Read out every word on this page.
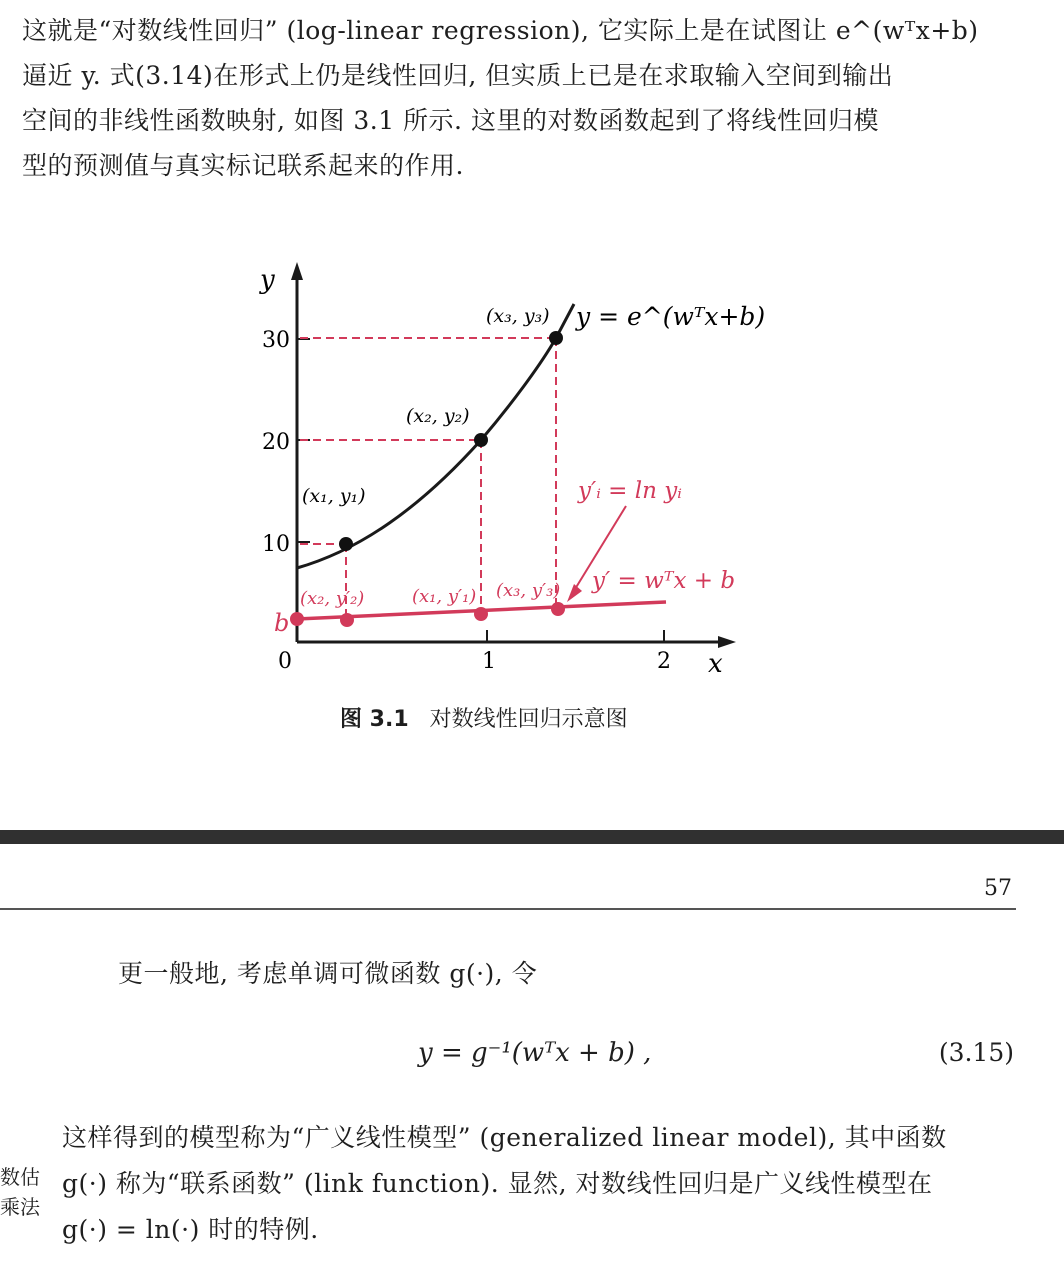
这就是“对数线性回归” (log-linear regression), 它实际上是在试图让 e^(wᵀx+b)
逼近 y. 式(3.14)在形式上仍是线性回归, 但实质上已是在求取输入空间到输出
空间的非线性函数映射, 如图 3.1 所示. 这里的对数函数起到了将线性回归模
型的预测值与真实标记联系起来的作用.
30
20
10
0	1	2 x
y
(x₃, y₃)
(x₂, y₂)
(x₁, y₁)
y = e^(wᵀx+b)
y′ᵢ = ln yᵢ
y′ = wᵀx + b
(x₂, y′₂)	(x₁, y′₁) (x₃, y′₃)
b
图 3.1 对数线性回归示意图
57
数估
乘法
更一般地, 考虑单调可微函数 g(·), 令
y = g⁻¹(wᵀx + b) ,	(3.15)
这样得到的模型称为“广义线性模型” (generalized linear model), 其中函数
g(·) 称为“联系函数” (link function). 显然, 对数线性回归是广义线性模型在
g(·) = ln(·) 时的特例.
